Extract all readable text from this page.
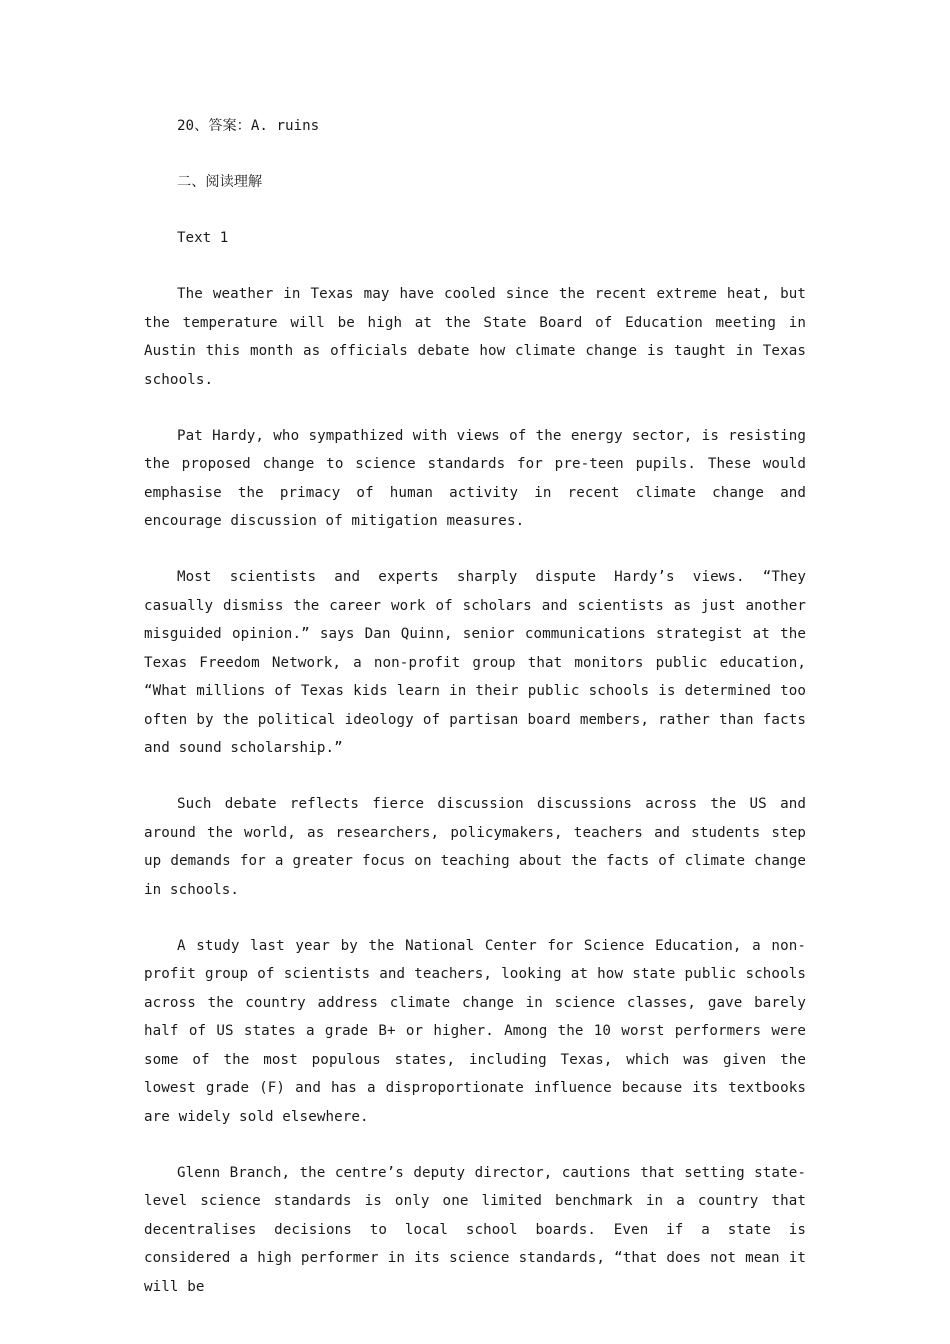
20、答案：A. ruins

二、阅读理解

Text 1

The weather in Texas may have cooled since the recent extreme heat, but the temperature will be high at the State Board of Education meeting in Austin this month as officials debate how climate change is taught in Texas schools.

Pat Hardy, who sympathized with views of the energy sector, is resisting the proposed change to science standards for pre-teen pupils. These would emphasise the primacy of human activity in recent climate change and encourage discussion of mitigation measures.

Most scientists and experts sharply dispute Hardy’s views. “They casually dismiss the career work of scholars and scientists as just another misguided opinion.” says Dan Quinn, senior communications strategist at the Texas Freedom Network, a non-profit group that monitors public education, “What millions of Texas kids learn in their public schools is determined too often by the political ideology of partisan board members, rather than facts and sound scholarship.”

Such debate reflects fierce discussion discussions across the US and around the world, as researchers, policymakers, teachers and students step up demands for a greater focus on teaching about the facts of climate change in schools.

A study last year by the National Center for Science Education, a non-profit group of scientists and teachers, looking at how state public schools across the country address climate change in science classes, gave barely half of US states a grade B+ or higher. Among the 10 worst performers were some of the most populous states, including Texas, which was given the lowest grade (F) and has a disproportionate influence because its textbooks are widely sold elsewhere.

Glenn Branch, the centre’s deputy director, cautions that setting state-level science standards is only one limited benchmark in a country that decentralises decisions to local school boards. Even if a state is considered a high performer in its science standards, “that does not mean it will be
